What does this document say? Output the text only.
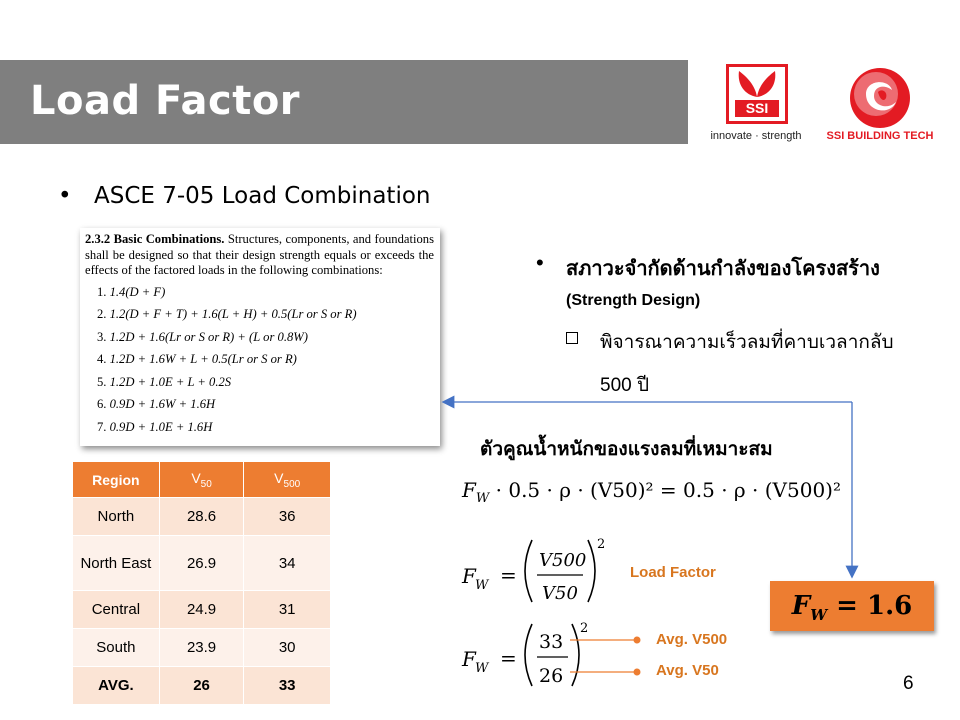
Load Factor	SSI
innovate · strength	SSI BUILDING TECH
• ASCE 7-05 Load Combination
2.3.2 Basic Combinations. Structures, components, and foundations shall be designed so that their design strength equals or exceeds the effects of the factored loads in the following combinations:
1. 1.4(D + F)
2. 1.2(D + F + T) + 1.6(L + H) + 0.5(Lr or S or R)
3. 1.2D + 1.6(Lr or S or R) + (L or 0.8W)
4. 1.2D + 1.6W + L + 0.5(Lr or S or R)
5. 1.2D + 1.0E + L + 0.2S
6. 0.9D + 1.6W + 1.6H
7. 0.9D + 1.0E + 1.6H
• สภาวะจำกัดด้านกำลังของโครงสร้าง
(Strength Design)
พิจารณาความเร็วลมที่คาบเวลากลับ
500 ปี
ตัวคูณน้ำหนักของแรงลมที่เหมาะสม
Region	$V_{50}$	$V_{500}$
North	28.6	36
North East	26.9	34
Central	24.9	31
South	23.9	30
AVG.	26	33
$F_W \cdot 0.5 \cdot \rho \cdot (V50)^2 = 0.5 \cdot \rho \cdot (V500)^2$
F W =
V500
V50
2
Load Factor
F W =
33
26
2
Avg. V500
Avg. V50
$F_W = 1.6$
6
